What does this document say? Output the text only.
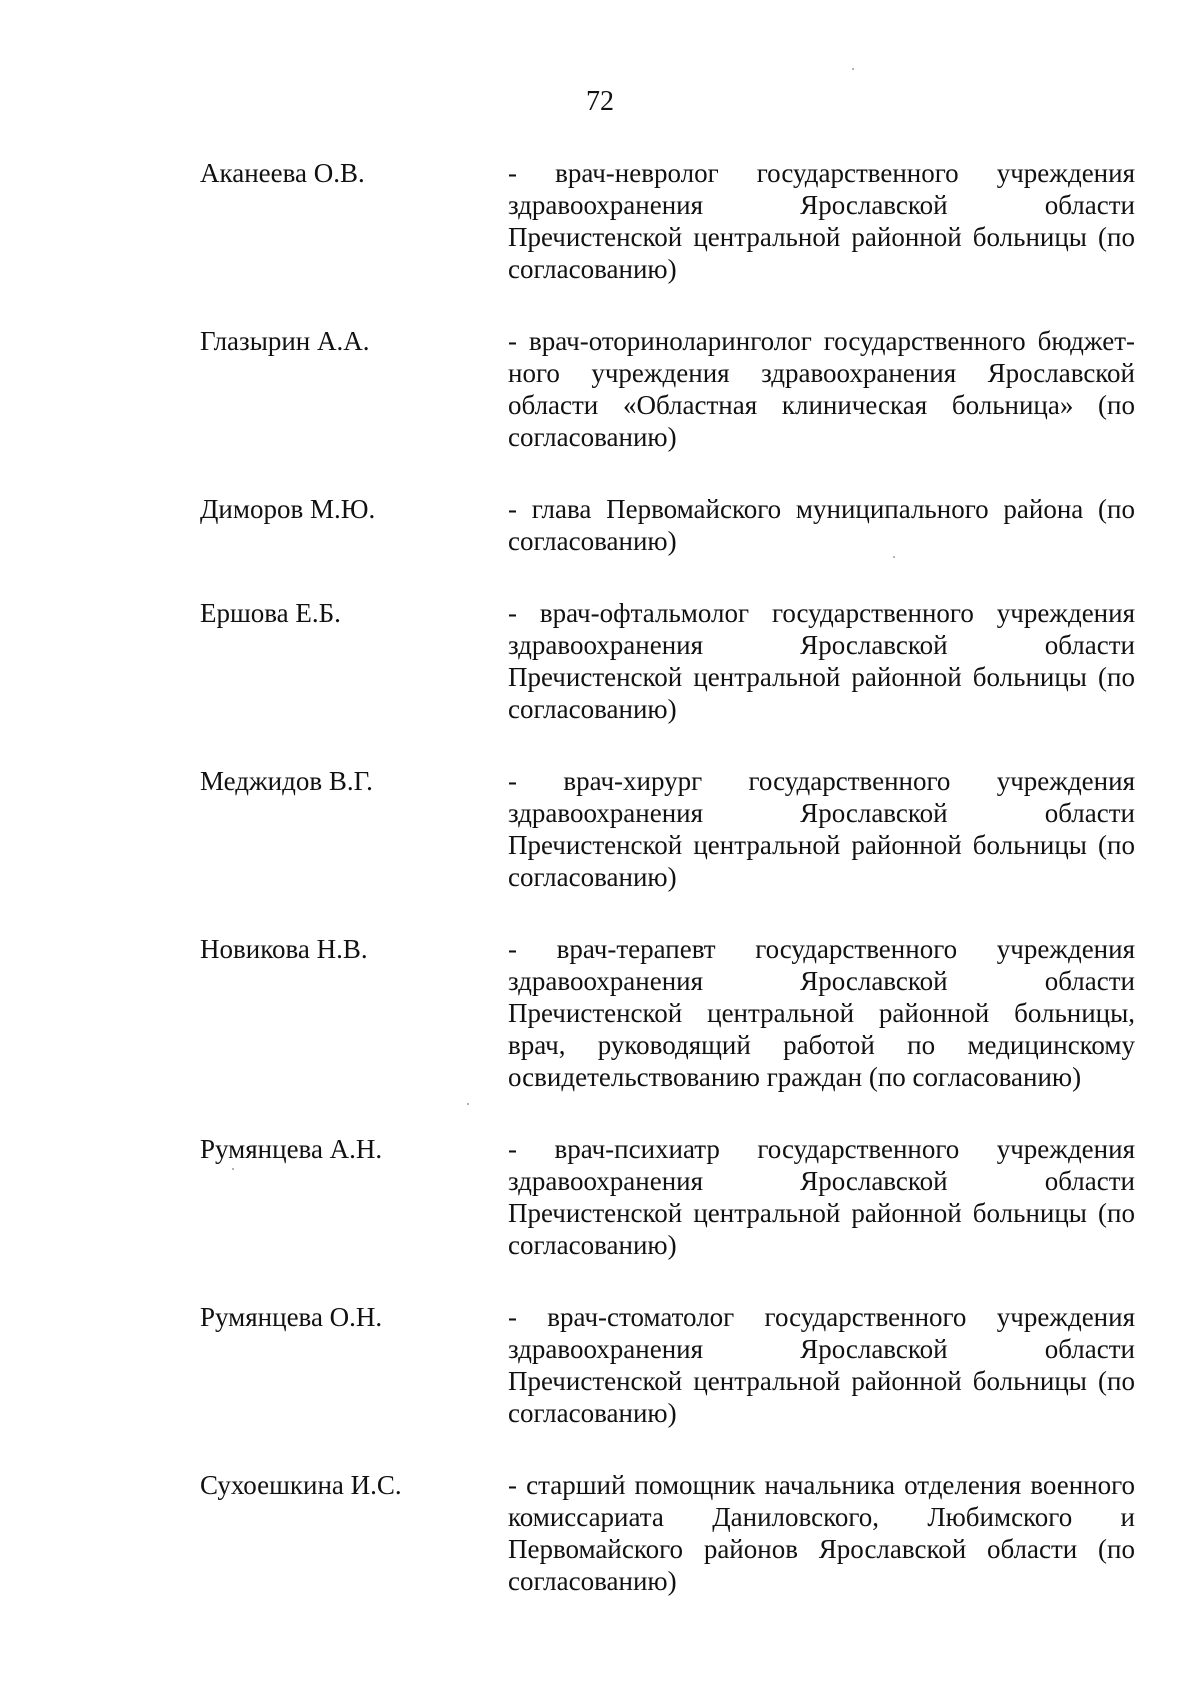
72
Аканеева О.В.	- врач-невролог государственного учреждения здравоохранения Ярославской области Пречистенской центральной районной больницы (по согласованию)
Глазырин А.А.	- врач-оториноларинголог государственного бюджетного учреждения здравоохранения Ярославской области «Областная клиническая больница» (по согласованию)
Диморов М.Ю.	- глава Первомайского муниципального района (по согласованию)
Ершова Е.Б.	- врач-офтальмолог государственного учреждения здравоохранения Ярославской области Пречистенской центральной районной больницы (по согласованию)
Меджидов В.Г.	- врач-хирург государственного учреждения здравоохранения Ярославской области Пречистенской центральной районной больницы (по согласованию)
Новикова Н.В.	- врач-терапевт государственного учреждения здравоохранения Ярославской области Пречистенской центральной районной больницы, врач, руководящий работой по медицинскому освидетельствованию граждан (по согласованию)
Румянцева А.Н.	- врач-психиатр государственного учреждения здравоохранения Ярославской области Пречистенской центральной районной больницы (по согласованию)
Румянцева О.Н.	- врач-стоматолог государственного учреждения здравоохранения Ярославской области Пречистенской центральной районной больницы (по согласованию)
Сухоешкина И.С.	- старший помощник начальника отделения военного комиссариата Даниловского, Любимского и Первомайского районов Ярославской области (по согласованию)
